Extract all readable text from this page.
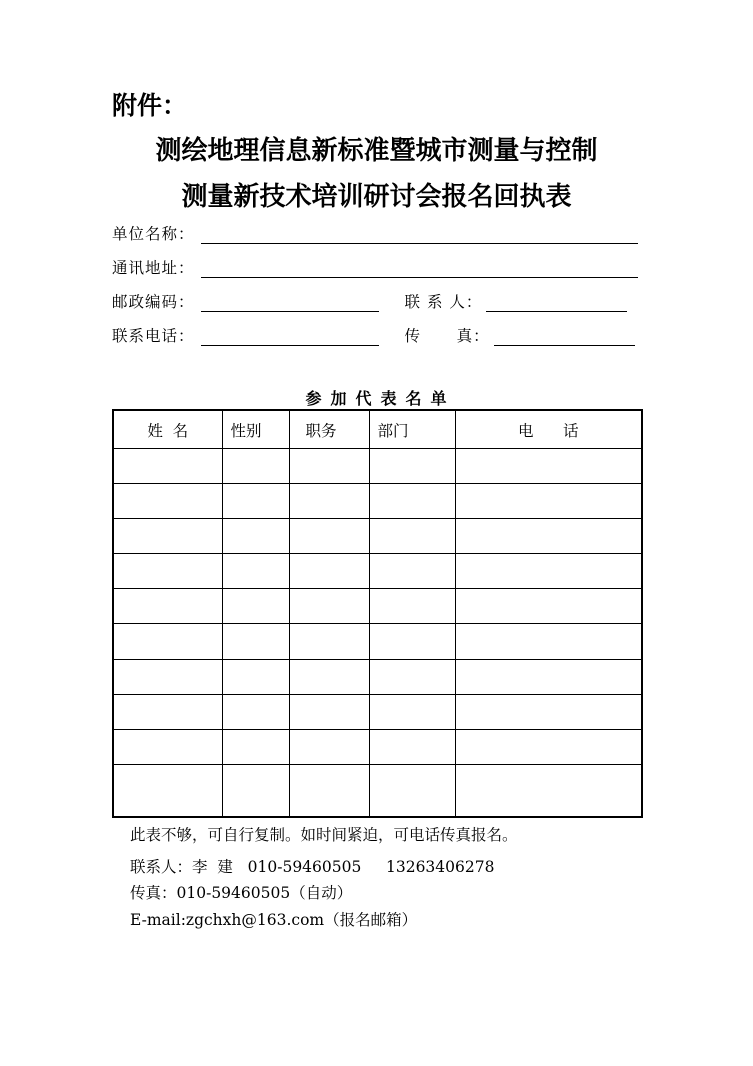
附件：
测绘地理信息新标准暨城市测量与控制
测量新技术培训研讨会报名回执表
单位名称：
通讯地址：
邮政编码：	联 系 人：
联系电话：	传      真：
参加代表名单
姓  名	性别	职务	部门	电      话

此表不够，可自行复制。如时间紧迫，可电话传真报名。
联系人：李  建   010-59460505     13263406278
传真：010-59460505（自动）
E-mail:zgchxh@163.com（报名邮箱）
